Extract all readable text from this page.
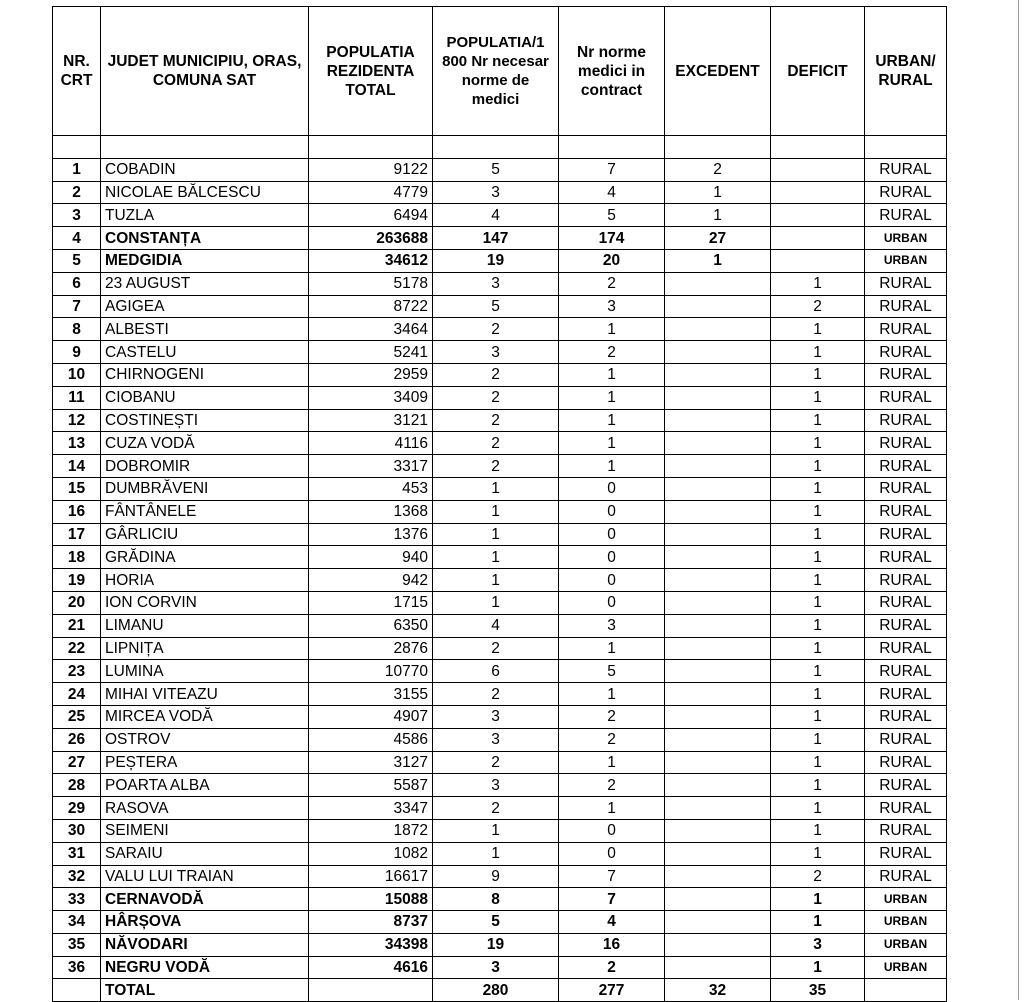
NR. CRT	JUDET MUNICIPIU, ORAS, COMUNA SAT	POPULATIA REZIDENTA TOTAL	POPULATIA/1 800 Nr necesar norme de medici	Nr norme medici in contract	EXCEDENT	DEFICIT	URBAN/ RURAL

1	COBADIN	9122	5	7	2		RURAL
2	NICOLAE BĂLCESCU	4779	3	4	1		RURAL
3	TUZLA	6494	4	5	1		RURAL
4	CONSTANȚA	263688	147	174	27		URBAN
5	MEDGIDIA	34612	19	20	1		URBAN
6	23 AUGUST	5178	3	2		1	RURAL
7	AGIGEA	8722	5	3		2	RURAL
8	ALBESTI	3464	2	1		1	RURAL
9	CASTELU	5241	3	2		1	RURAL
10	CHIRNOGENI	2959	2	1		1	RURAL
11	CIOBANU	3409	2	1		1	RURAL
12	COSTINEȘTI	3121	2	1		1	RURAL
13	CUZA VODĂ	4116	2	1		1	RURAL
14	DOBROMIR	3317	2	1		1	RURAL
15	DUMBRĂVENI	453	1	0		1	RURAL
16	FÂNTÂNELE	1368	1	0		1	RURAL
17	GÂRLICIU	1376	1	0		1	RURAL
18	GRĂDINA	940	1	0		1	RURAL
19	HORIA	942	1	0		1	RURAL
20	ION CORVIN	1715	1	0		1	RURAL
21	LIMANU	6350	4	3		1	RURAL
22	LIPNIȚA	2876	2	1		1	RURAL
23	LUMINA	10770	6	5		1	RURAL
24	MIHAI VITEAZU	3155	2	1		1	RURAL
25	MIRCEA VODĂ	4907	3	2		1	RURAL
26	OSTROV	4586	3	2		1	RURAL
27	PEȘTERA	3127	2	1		1	RURAL
28	POARTA ALBA	5587	3	2		1	RURAL
29	RASOVA	3347	2	1		1	RURAL
30	SEIMENI	1872	1	0		1	RURAL
31	SARAIU	1082	1	0		1	RURAL
32	VALU LUI TRAIAN	16617	9	7		2	RURAL
33	CERNAVODĂ	15088	8	7		1	URBAN
34	HÂRȘOVA	8737	5	4		1	URBAN
35	NĂVODARI	34398	19	16		3	URBAN
36	NEGRU VODĂ	4616	3	2		1	URBAN
	TOTAL		280	277	32	35	
